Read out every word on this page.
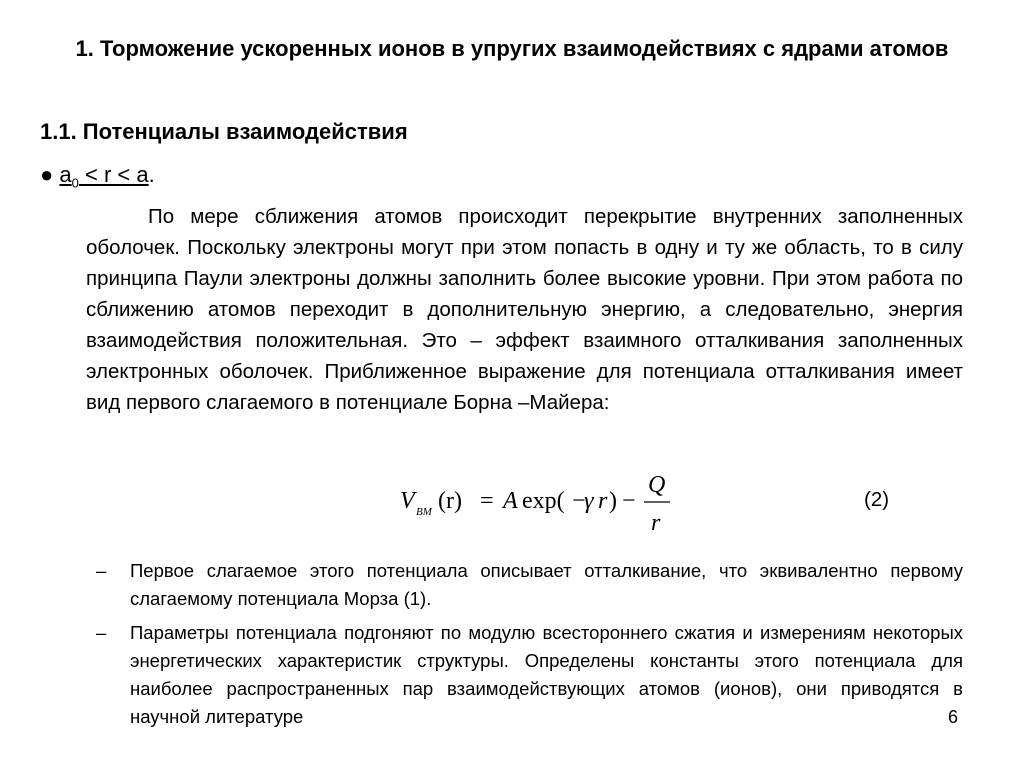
1. Торможение ускоренных ионов в упругих взаимодействиях с ядрами атомов
1.1. Потенциалы взаимодействия
● $a_0 < r < a$.
По мере сближения атомов происходит перекрытие внутренних заполненных оболочек. Поскольку электроны могут при этом попасть в одну и ту же область, то в силу принципа Паули электроны должны заполнить более высокие уровни. При этом работа по сближению атомов переходит в дополнительную энергию, а следовательно, энергия взаимодействия положительная. Это – эффект взаимного отталкивания заполненных электронных оболочек. Приближенное выражение для потенциала отталкивания имеет вид первого слагаемого в потенциале Борна –Майера:
V BM (r) = A exp( −
γ r ) −
Q
r
(2)
– Первое слагаемое этого потенциала описывает отталкивание, что эквивалентно первому слагаемому потенциала Морза (1).
– Параметры потенциала подгоняют по модулю всестороннего сжатия и измерениям некоторых энергетических характеристик структуры. Определены константы этого потенциала для наиболее распространенных пар взаимодействующих атомов (ионов), они приводятся в научной литературе	6
